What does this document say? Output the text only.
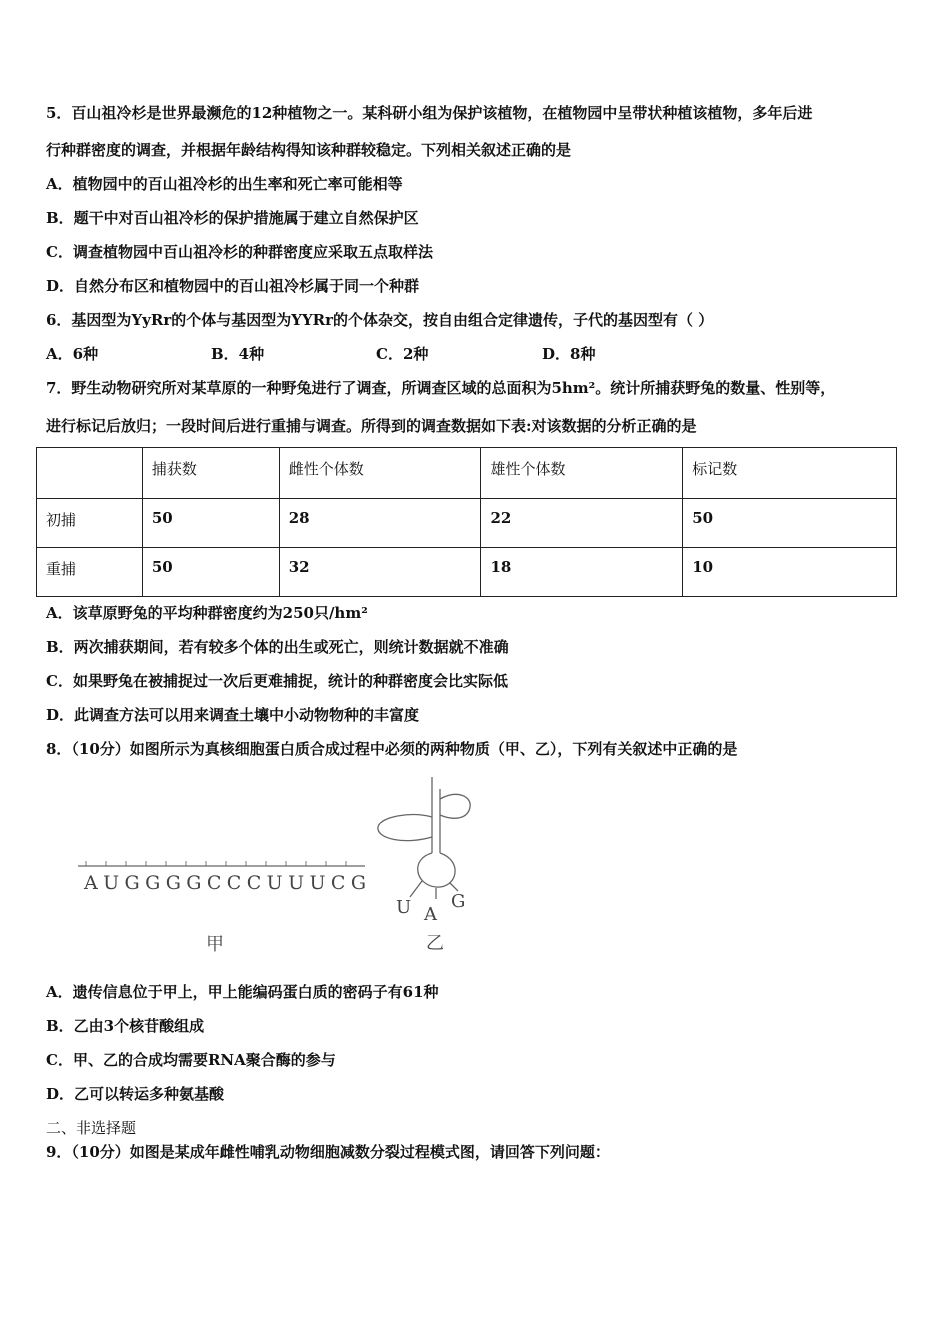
5．百山祖冷杉是世界最濒危的12种植物之一。某科研小组为保护该植物，在植物园中呈带状种植该植物，多年后进
行种群密度的调查，并根据年龄结构得知该种群较稳定。下列相关叙述正确的是
A．植物园中的百山祖冷杉的出生率和死亡率可能相等
B．题干中对百山祖冷杉的保护措施属于建立自然保护区
C．调查植物园中百山祖冷杉的种群密度应采取五点取样法
D．自然分布区和植物园中的百山祖冷杉属于同一个种群
6．基因型为YyRr的个体与基因型为YYRr的个体杂交，按自由组合定律遗传，子代的基因型有（ ）
A．6种	B．4种	C．2种	D．8种
7．野生动物研究所对某草原的一种野兔进行了调查，所调查区域的总面积为5hm²。统计所捕获野兔的数量、性别等，
进行标记后放归；一段时间后进行重捕与调查。所得到的调查数据如下表:对该数据的分析正确的是
	捕获数	雌性个体数	雄性个体数	标记数
初捕	50	28	22	50
重捕	50	32	18	10
A．该草原野兔的平均种群密度约为250只/hm²
B．两次捕获期间，若有较多个体的出生或死亡，则统计数据就不准确
C．如果野兔在被捕捉过一次后更难捕捉，统计的种群密度会比实际低
D．此调查方法可以用来调查土壤中小动物物种的丰富度
8．（10分）如图所示为真核细胞蛋白质合成过程中必须的两种物质（甲、乙），下列有关叙述中正确的是
AUGGGGCCCUUUCG
甲
U A
G
乙
A．遗传信息位于甲上，甲上能编码蛋白质的密码子有61种
B．乙由3个核苷酸组成
C．甲、乙的合成均需要RNA聚合酶的参与
D．乙可以转运多种氨基酸
二、非选择题
9．（10分）如图是某成年雌性哺乳动物细胞减数分裂过程模式图，请回答下列问题：
